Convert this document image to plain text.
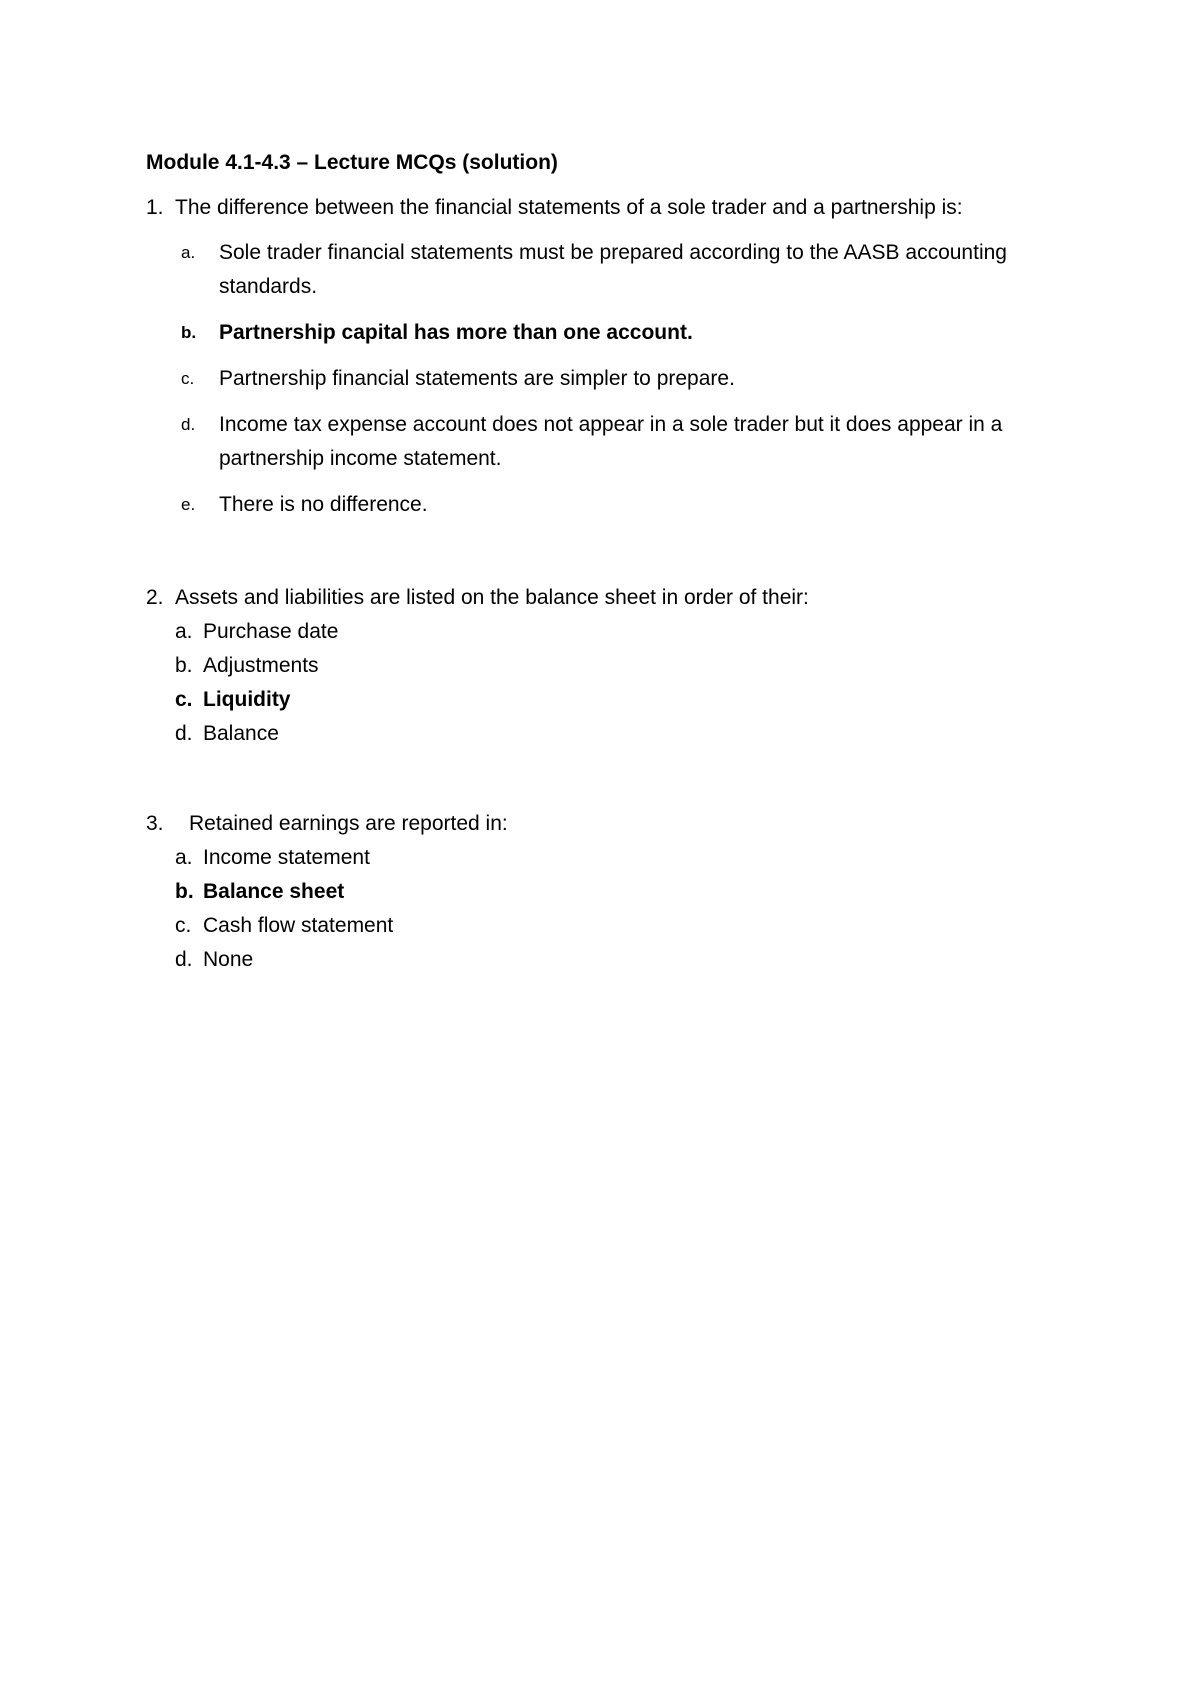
Module 4.1-4.3 – Lecture MCQs (solution)
1. The difference between the financial statements of a sole trader and a partnership is:
a.	Sole trader financial statements must be prepared according to the AASB accounting standards.
b.	Partnership capital has more than one account.
c.	Partnership financial statements are simpler to prepare.
d.	Income tax expense account does not appear in a sole trader but it does appear in a partnership income statement.
e.	There is no difference.
2. Assets and liabilities are listed on the balance sheet in order of their:
a. Purchase date
b. Adjustments
c. Liquidity
d. Balance
3.	Retained earnings are reported in:
a. Income statement
b. Balance sheet
c. Cash flow statement
d. None
